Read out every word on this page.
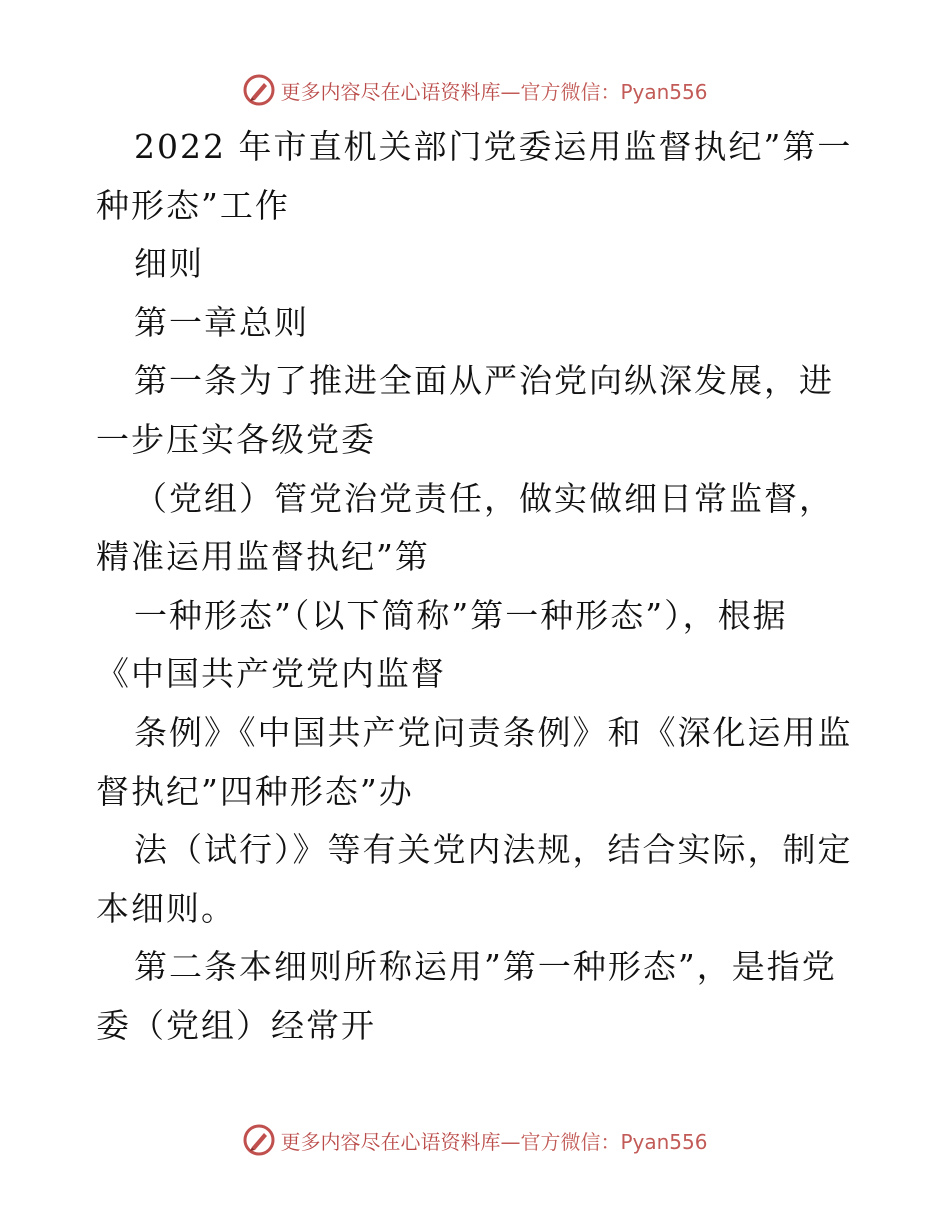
更多内容尽在心语资料库 —官方微信：Pyan556

2022 年市直机关部门党委运用监督执纪”第一种形态”工作

细则

第一章总则

第一条为了推进全面从严治党向纵深发展，进一步压实各级党委

（党组）管党治党责任，做实做细日常监督，精准运用监督执纪”第

一种形态”（以下简称”第一种形态”），根据《中国共产党党内监督

条例》《中国共产党问责条例》和《深化运用监督执纪”四种形态”办

法（试行）》等有关党内法规，结合实际，制定本细则。

第二条本细则所称运用”第一种形态”，是指党委（党组）经常开

更多内容尽在心语资料库 —官方微信：Pyan556
